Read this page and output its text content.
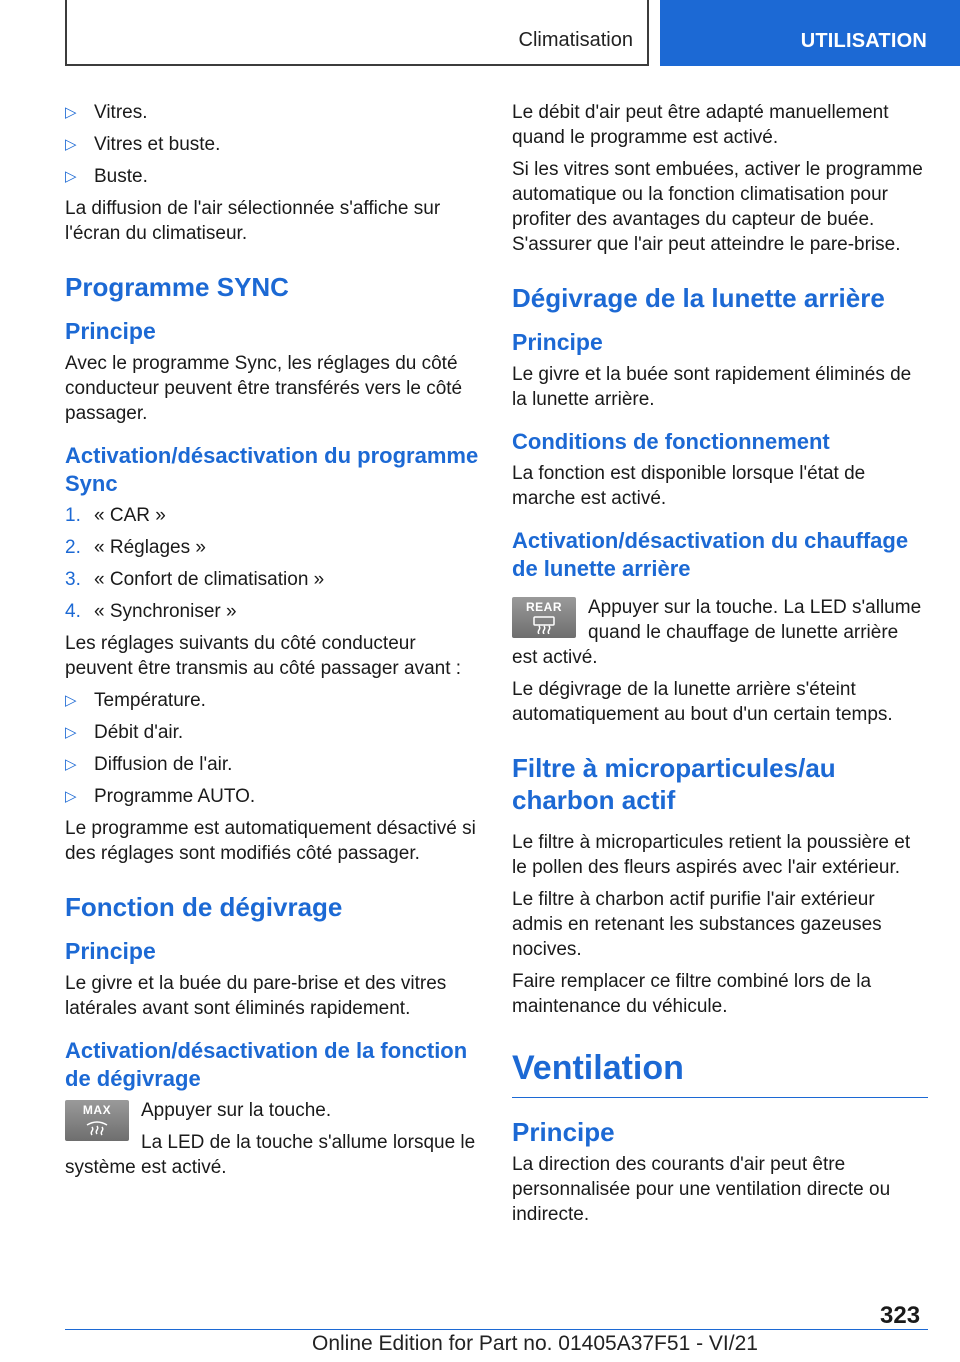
Climatisation	UTILISATION
▷ Vitres.
▷ Vitres et buste.
▷ Buste.

La diffusion de l'air sélectionnée s'affiche sur l'écran du climatiseur.

Programme SYNC
Principe

Avec le programme Sync, les réglages du côté conducteur peuvent être transférés vers le côté passager.

Activation/désactivation du programme Sync
1. « CAR »
2. « Réglages »
3. « Confort de climatisation »
4. « Synchroniser »

Les réglages suivants du côté conducteur peuvent être transmis au côté passager avant :

▷ Température.
▷ Débit d'air.
▷ Diffusion de l'air.
▷ Programme AUTO.

Le programme est automatiquement désactivé si des réglages sont modifiés côté passager.

Fonction de dégivrage
Principe

Le givre et la buée du pare-brise et des vitres latérales avant sont éliminés rapidement.

Activation/désactivation de la fonction de dégivrage
MAX	Appuyer sur la touche.

La LED de la touche s'allume lorsque le système est activé.

Le débit d'air peut être adapté manuellement quand le programme est activé.

Si les vitres sont embuées, activer le programme automatique ou la fonction climatisation pour profiter des avantages du capteur de buée. S'assurer que l'air peut atteindre le pare-brise.

Dégivrage de la lunette arrière
Principe

Le givre et la buée sont rapidement éliminés de la lunette arrière.

Conditions de fonctionnement

La fonction est disponible lorsque l'état de marche est activé.

Activation/désactivation du chauffage de lunette arrière
REAR	Appuyer sur la touche. La LED s'allume quand le chauffage de lunette arrière est activé.

Le dégivrage de la lunette arrière s'éteint automatiquement au bout d'un certain temps.

Filtre à microparticules/au charbon actif

Le filtre à microparticules retient la poussière et le pollen des fleurs aspirés avec l'air extérieur.

Le filtre à charbon actif purifie l'air extérieur admis en retenant les substances gazeuses nocives.

Faire remplacer ce filtre combiné lors de la maintenance du véhicule.

Ventilation
Principe

La direction des courants d'air peut être personnalisée pour une ventilation directe ou indirecte.

323
Online Edition for Part no. 01405A37F51 - VI/21
